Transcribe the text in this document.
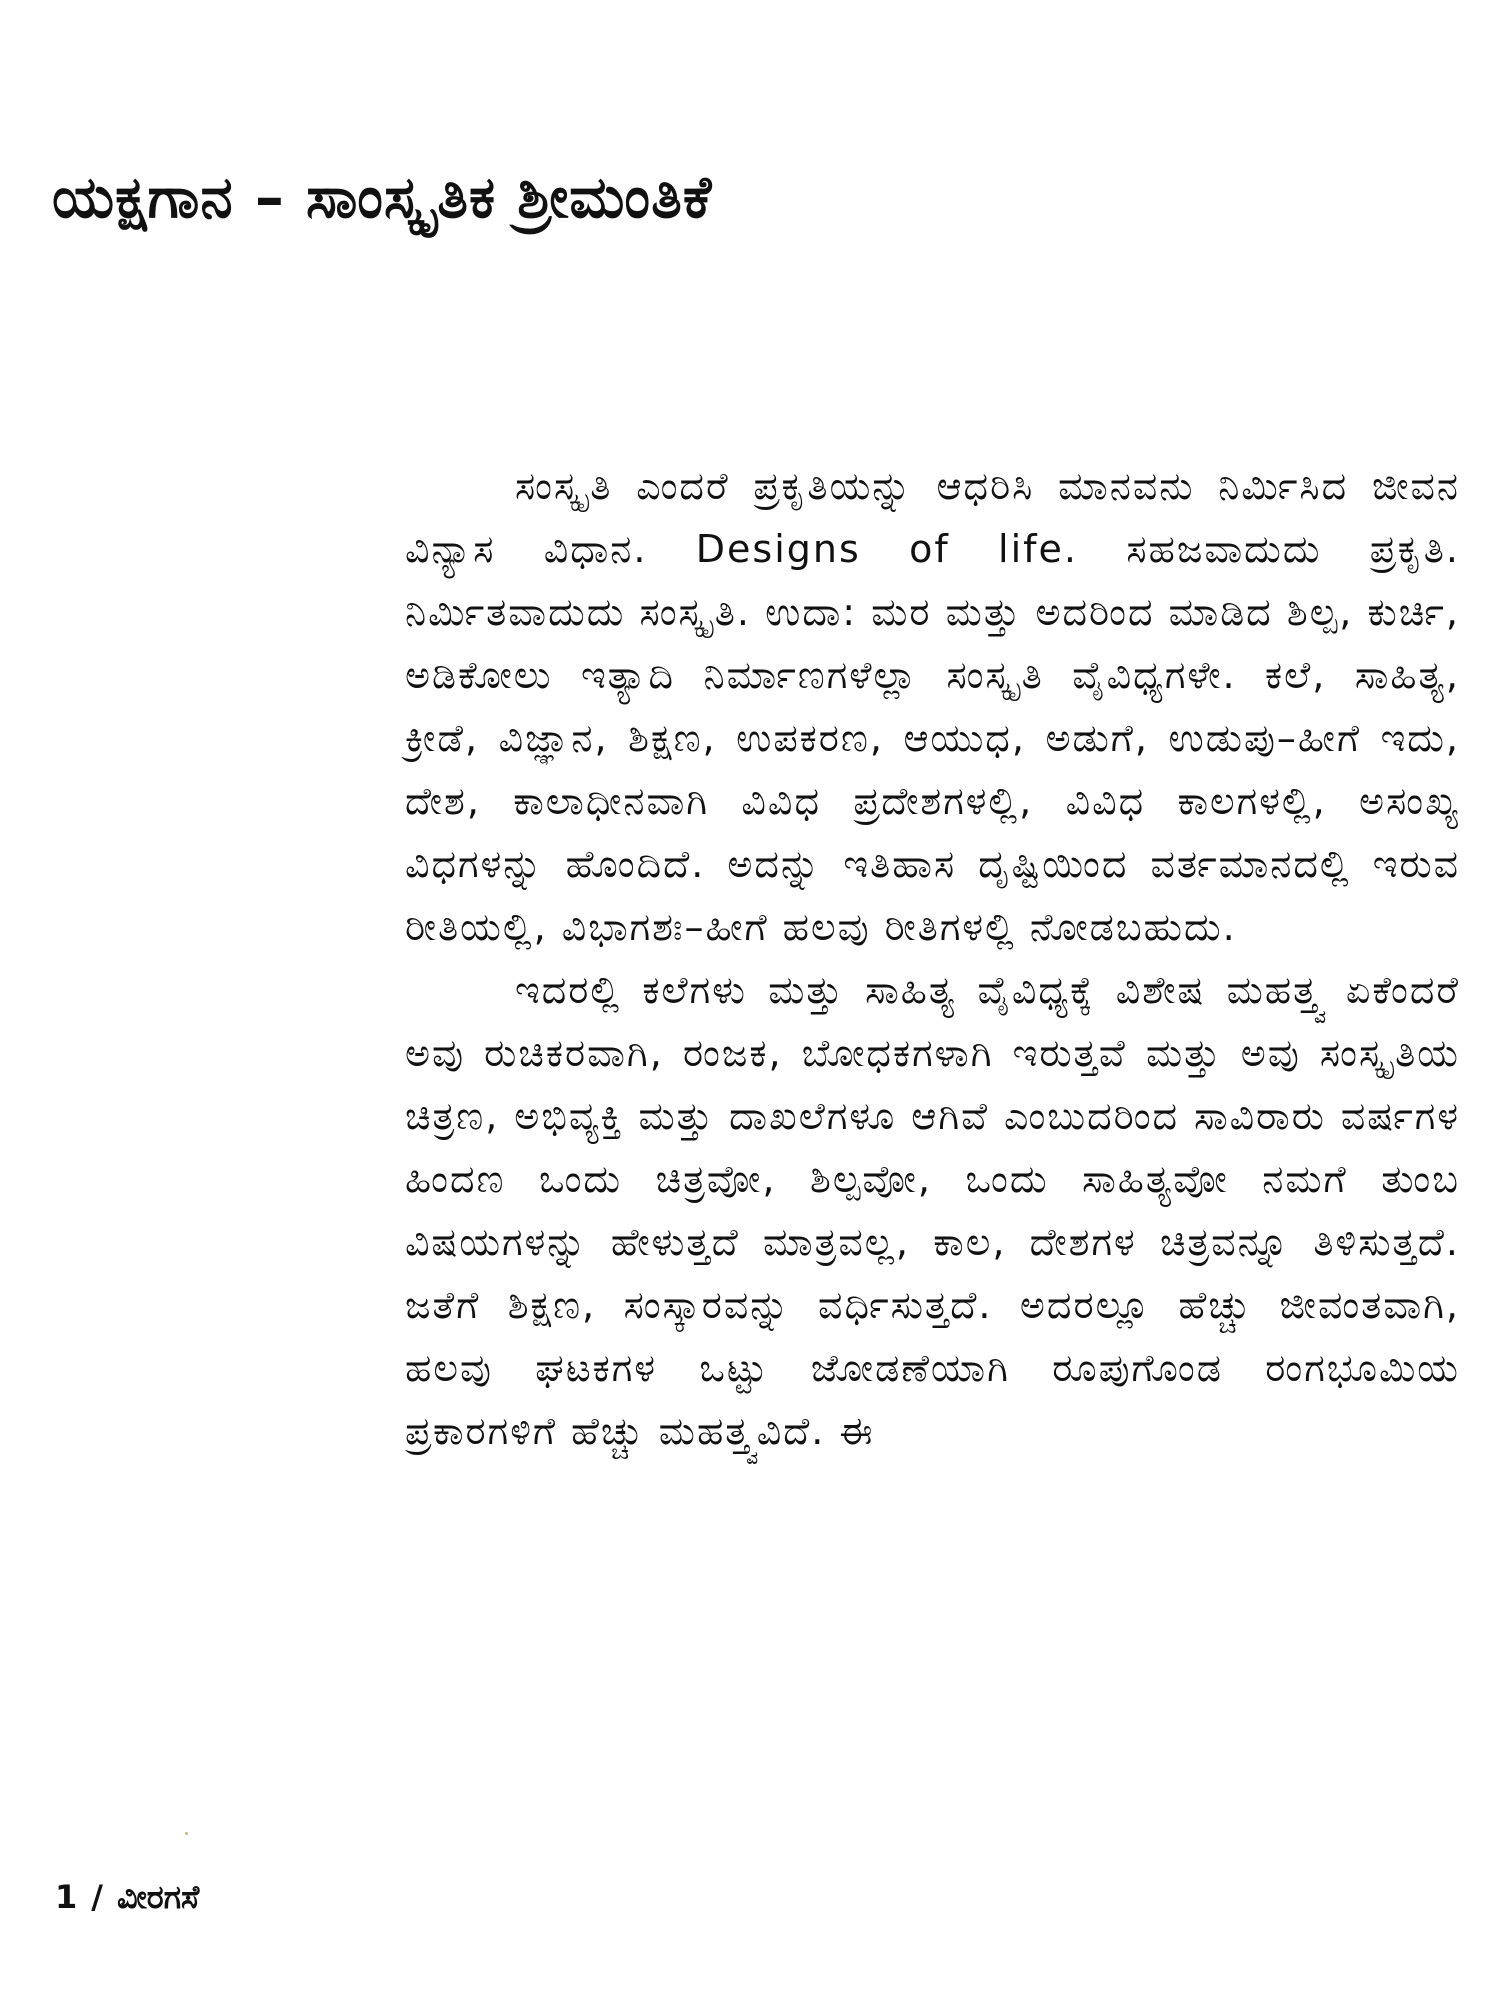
ಯಕ್ಷಗಾನ – ಸಾಂಸ್ಕೃತಿಕ ಶ್ರೀಮಂತಿಕೆ

ಸಂಸ್ಕೃತಿ ಎಂದರೆ ಪ್ರಕೃತಿಯನ್ನು ಆಧರಿಸಿ ಮಾನವನು ನಿರ್ಮಿಸಿದ ಜೀವನ ವಿನ್ಯಾಸ ವಿಧಾನ. Designs of life. ಸಹಜವಾದುದು ಪ್ರಕೃತಿ. ನಿರ್ಮಿತವಾದುದು ಸಂಸ್ಕೃತಿ. ಉದಾ: ಮರ ಮತ್ತು ಅದರಿಂದ ಮಾಡಿದ ಶಿಲ್ಪ, ಕುರ್ಚಿ, ಅಡಿಕೋಲು ಇತ್ಯಾದಿ ನಿರ್ಮಾಣಗಳೆಲ್ಲಾ ಸಂಸ್ಕೃತಿ ವೈವಿಧ್ಯಗಳೇ. ಕಲೆ, ಸಾಹಿತ್ಯ, ಕ್ರೀಡೆ, ವಿಜ್ಞಾನ, ಶಿಕ್ಷಣ, ಉಪಕರಣ, ಆಯುಧ, ಅಡುಗೆ, ಉಡುಪು–ಹೀಗೆ ಇದು, ದೇಶ, ಕಾಲಾಧೀನವಾಗಿ ವಿವಿಧ ಪ್ರದೇಶಗಳಲ್ಲಿ, ವಿವಿಧ ಕಾಲಗಳಲ್ಲಿ, ಅಸಂಖ್ಯ ವಿಧಗಳನ್ನು ಹೊಂದಿದೆ. ಅದನ್ನು ಇತಿಹಾಸ ದೃಷ್ಟಿಯಿಂದ ವರ್ತಮಾನದಲ್ಲಿ ಇರುವ ರೀತಿಯಲ್ಲಿ, ವಿಭಾಗಶಃ–ಹೀಗೆ ಹಲವು ರೀತಿಗಳಲ್ಲಿ ನೋಡಬಹುದು.

ಇದರಲ್ಲಿ ಕಲೆಗಳು ಮತ್ತು ಸಾಹಿತ್ಯ ವೈವಿಧ್ಯಕ್ಕೆ ವಿಶೇಷ ಮಹತ್ತ್ವ ಏಕೆಂದರೆ ಅವು ರುಚಿಕರವಾಗಿ, ರಂಜಕ, ಬೋಧಕಗಳಾಗಿ ಇರುತ್ತವೆ ಮತ್ತು ಅವು ಸಂಸ್ಕೃತಿಯ ಚಿತ್ರಣ, ಅಭಿವ್ಯಕ್ತಿ ಮತ್ತು ದಾಖಲೆಗಳೂ ಆಗಿವೆ ಎಂಬುದರಿಂದ ಸಾವಿರಾರು ವರ್ಷಗಳ ಹಿಂದಣ ಒಂದು ಚಿತ್ರವೋ, ಶಿಲ್ಪವೋ, ಒಂದು ಸಾಹಿತ್ಯವೋ ನಮಗೆ ತುಂಬ ವಿಷಯಗಳನ್ನು ಹೇಳುತ್ತದೆ ಮಾತ್ರವಲ್ಲ, ಕಾಲ, ದೇಶಗಳ ಚಿತ್ರವನ್ನೂ ತಿಳಿಸುತ್ತದೆ. ಜತೆಗೆ ಶಿಕ್ಷಣ, ಸಂಸ್ಕಾರವನ್ನು ವರ್ಧಿಸುತ್ತದೆ. ಅದರಲ್ಲೂ ಹೆಚ್ಚು ಜೀವಂತವಾಗಿ, ಹಲವು ಘಟಕಗಳ ಒಟ್ಟು ಜೋಡಣೆಯಾಗಿ ರೂಪುಗೊಂಡ ರಂಗಭೂಮಿಯ ಪ್ರಕಾರಗಳಿಗೆ ಹೆಚ್ಚು ಮಹತ್ತ್ವವಿದೆ. ಈ

1 / ವೀರಗಸೆ
